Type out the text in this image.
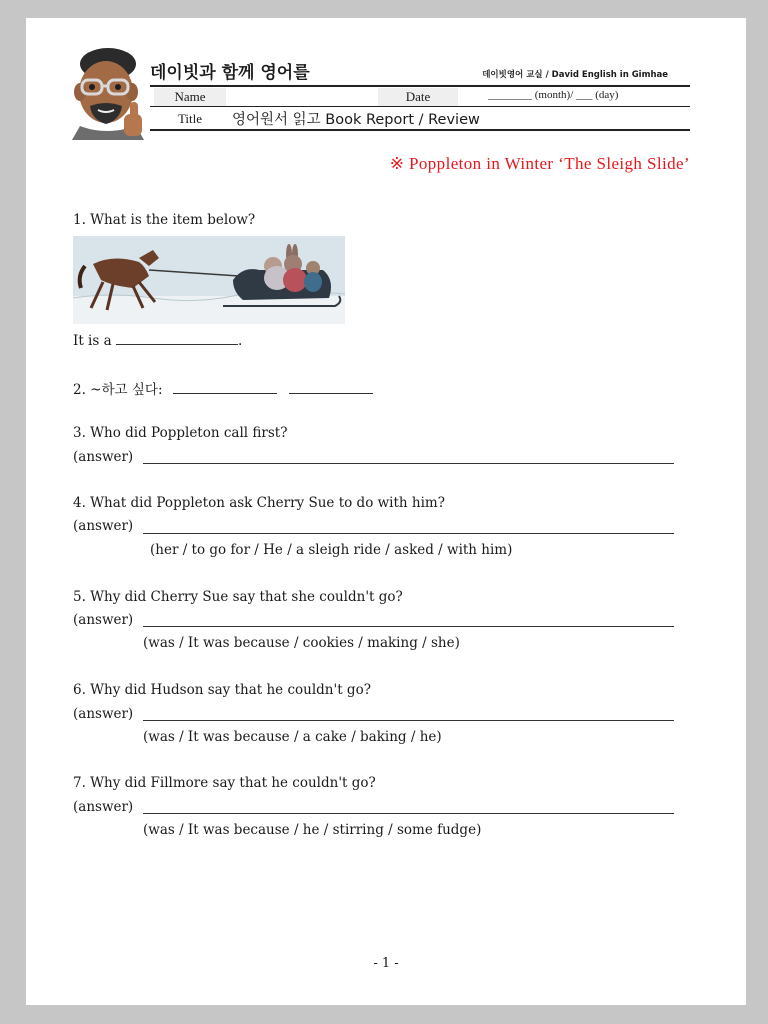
데이빗과 함께 영어를	데이빗영어 교실 / David English in Gimhae
Name	Date	________ (month)/ ___ (day)
Title	영어원서 읽고 Book Report / Review
※ Poppleton in Winter ‘The Sleigh Slide’
1. What is the item below?
It is a	.
2. ~하고 싶다:
3. Who did Poppleton call first?
(answer)
4. What did Poppleton ask Cherry Sue to do with him?
(answer)
(her / to go for / He / a sleigh ride / asked / with him)
5. Why did Cherry Sue say that she couldn't go?
(answer)
(was / It was because / cookies / making / she)
6. Why did Hudson say that he couldn't go?
(answer)
(was / It was because / a cake / baking / he)
7. Why did Fillmore say that he couldn't go?
(answer)
(was / It was because / he / stirring / some fudge)
- 1 -
